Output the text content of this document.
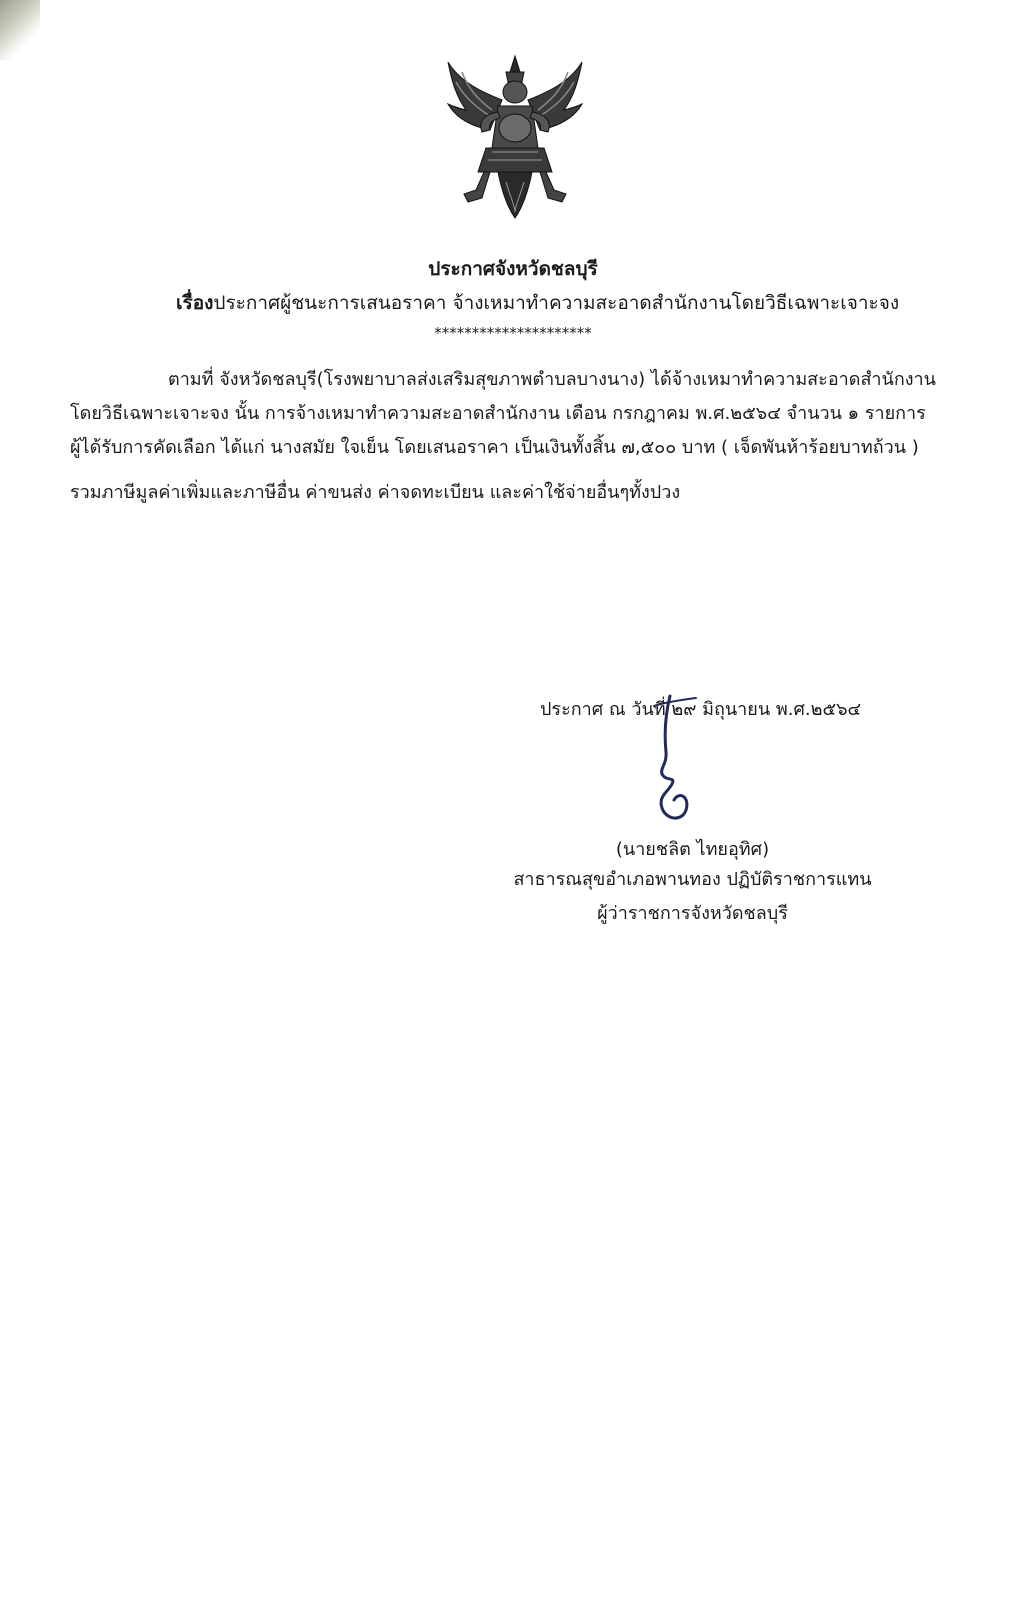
ประกาศจังหวัดชลบุรี
เรื่องประกาศผู้ชนะการเสนอราคา จ้างเหมาทำความสะอาดสำนักงานโดยวิธีเฉพาะเจาะจง
*********************
ตามที่ จังหวัดชลบุรี(โรงพยาบาลส่งเสริมสุขภาพตำบลบางนาง) ได้จ้างเหมาทำความสะอาดสำนักงาน
โดยวิธีเฉพาะเจาะจง นั้น การจ้างเหมาทำความสะอาดสำนักงาน เดือน กรกฎาคม พ.ศ.๒๕๖๔ จำนวน ๑ รายการ
ผู้ได้รับการคัดเลือก ได้แก่ นางสมัย ใจเย็น โดยเสนอราคา เป็นเงินทั้งสิ้น ๗,๕๐๐ บาท ( เจ็ดพันห้าร้อยบาทถ้วน )
รวมภาษีมูลค่าเพิ่มและภาษีอื่น ค่าขนส่ง ค่าจดทะเบียน และค่าใช้จ่ายอื่นๆทั้งปวง
ประกาศ ณ วันที่ ๒๙ มิถุนายน พ.ศ.๒๕๖๔
(นายชลิต ไทยอุทิศ)
สาธารณสุขอำเภอพานทอง ปฏิบัติราชการแทน
ผู้ว่าราชการจังหวัดชลบุรี
